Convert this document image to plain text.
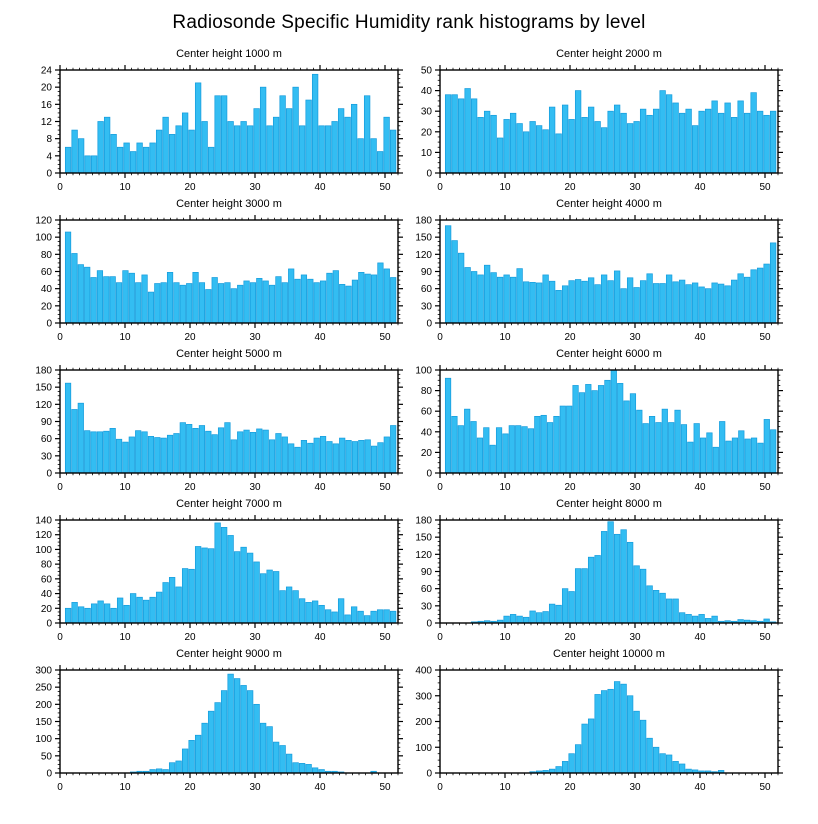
Radiosonde Specific Humidity rank histograms by level
Center height 1000 m
0	10	20	30	40	50
0
4
8
12
16
20
24
Center height 2000 m
0	10	20	30	40	50
0
10
20
30
40
50
Center height 3000 m
0	10	20	30	40	50
0
20
40
60
80
100
120
Center height 4000 m
0	10	20	30	40	50
0
30
60
90
120
150
180
Center height 5000 m
0	10	20	30	40	50
0
30
60
90
120
150
180
Center height 6000 m
0	10	20	30	40	50
0
20
40
60
80
100
Center height 7000 m
0	10	20	30	40	50
0
20
40
60
80
100
120
140
Center height 8000 m
0	10	20	30	40	50
0
30
60
90
120
150
180
Center height 9000 m
0	10	20	30	40	50
0
50
100
150
200
250
300
Center height 10000 m
0	10	20	30	40	50
0
100
200
300
400
